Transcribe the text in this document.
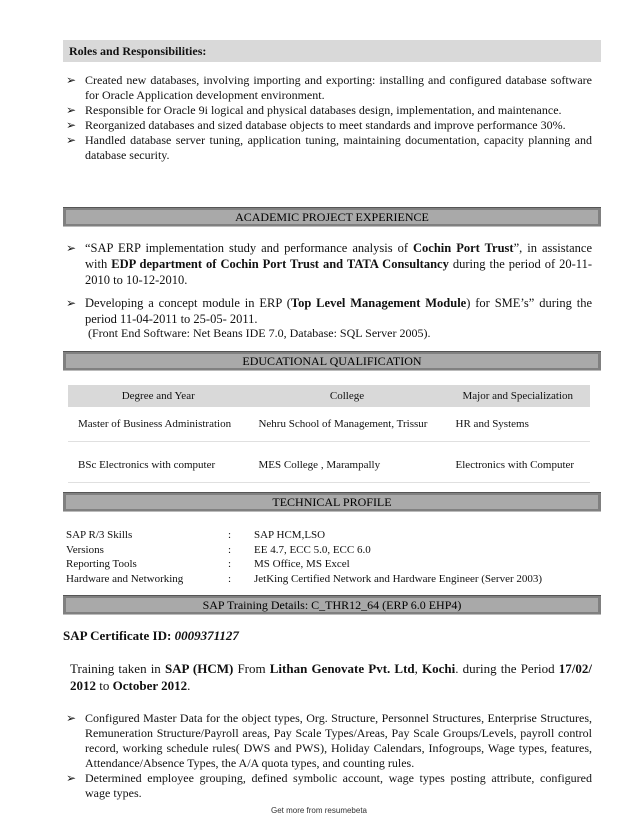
Roles and Responsibilities:
➢ Created new databases, involving importing and exporting: installing and configured database software for Oracle Application development environment.
➢ Responsible for Oracle 9i logical and physical databases design, implementation, and maintenance.
➢ Reorganized databases and sized database objects to meet standards and improve performance 30%.
➢ Handled database server tuning, application tuning, maintaining documentation, capacity planning and database security.
ACADEMIC PROJECT EXPERIENCE
➢ “SAP ERP implementation study and performance analysis of Cochin Port Trust”, in assistance with EDP department of Cochin Port Trust and TATA Consultancy during the period of 20-11-2010 to 10-12-2010.
➢ Developing a concept module in ERP (Top Level Management Module) for SME’s” during the period 11-04-2011 to 25-05- 2011.
(Front End Software: Net Beans IDE 7.0, Database: SQL Server 2005).
EDUCATIONAL QUALIFICATION
Degree and Year	College	Major and Specialization
Master of Business Administration	Nehru School of Management, Trissur	HR and Systems

BSc Electronics with computer	MES College , Marampally	Electronics with Computer
TECHNICAL PROFILE
SAP R/3 Skills	: SAP HCM,LSO
Versions	: EE 4.7, ECC 5.0, ECC 6.0
Reporting Tools	: MS Office, MS Excel
Hardware and Networking	: JetKing Certified Network and Hardware Engineer (Server 2003)
SAP Training Details: C_THR12_64 (ERP 6.0 EHP4)
SAP Certificate ID: 0009371127
Training taken in SAP (HCM) From Lithan Genovate Pvt. Ltd, Kochi. during the Period 17/02/ 2012 to October 2012.
➢ Configured Master Data for the object types, Org. Structure, Personnel Structures, Enterprise Structures, Remuneration Structure/Payroll areas, Pay Scale Types/Areas, Pay Scale Groups/Levels, payroll control record, working schedule rules( DWS and PWS), Holiday Calendars, Infogroups, Wage types, features, Attendance/Absence Types, the A/A quota types, and counting rules.
➢ Determined employee grouping, defined symbolic account, wage types posting attribute, configured wage types.
Get more from resumebeta
